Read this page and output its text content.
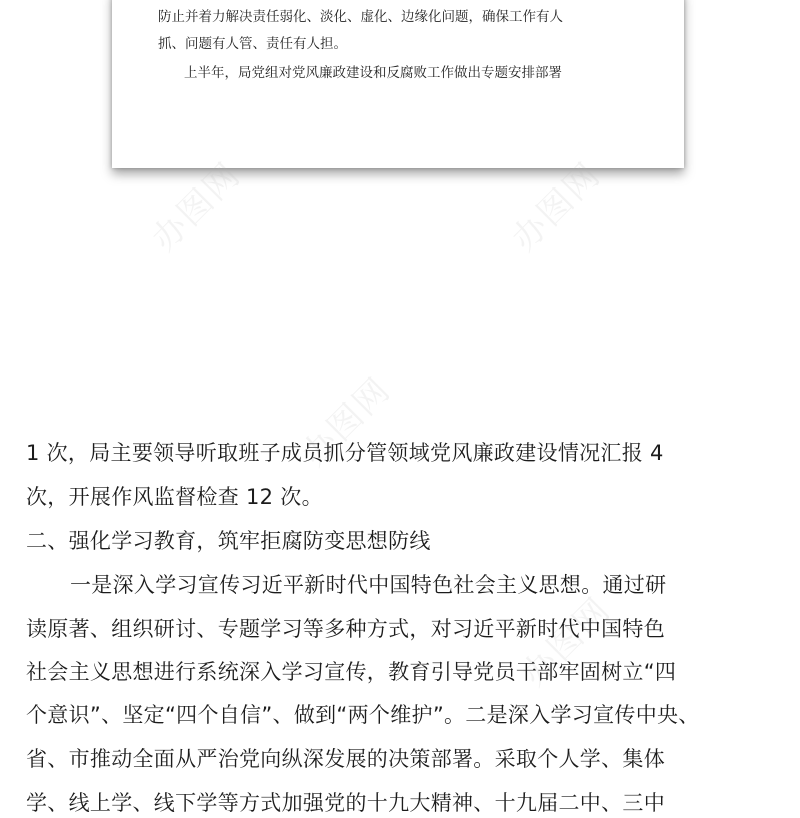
防止并着力解决责任弱化、淡化、虚化、边缘化问题，确保工作有人
抓、问题有人管、责任有人担。
上半年，局党组对党风廉政建设和反腐败工作做出专题安排部署
办图网	办图网
办图网
办图网
1 次，局主要领导听取班子成员抓分管领域党风廉政建设情况汇报 4
次，开展作风监督检查 12 次。
二、强化学习教育，筑牢拒腐防变思想防线
一是深入学习宣传习近平新时代中国特色社会主义思想。通过研
读原著、组织研讨、专题学习等多种方式，对习近平新时代中国特色
社会主义思想进行系统深入学习宣传，教育引导党员干部牢固树立“四
个意识”、坚定“四个自信”、做到“两个维护”。二是深入学习宣传中央、
省、市推动全面从严治党向纵深发展的决策部署。采取个人学、集体
学、线上学、线下学等方式加强党的十九大精神、十九届二中、三中
